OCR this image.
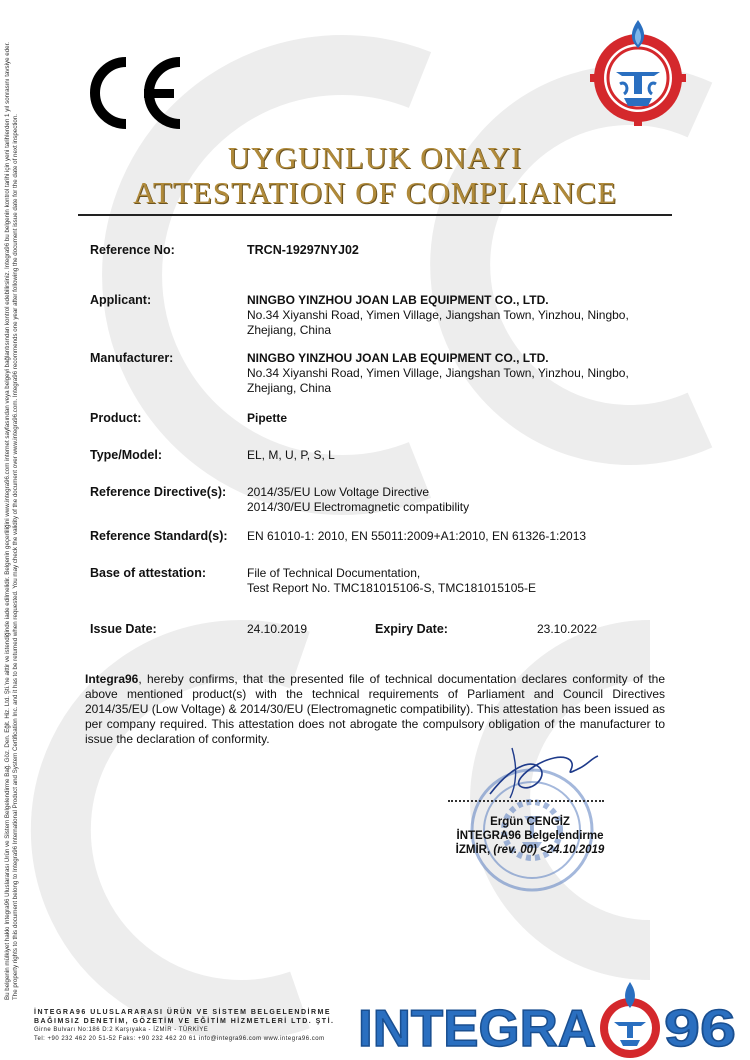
Bu belgenin mülkiyet hakkı İntegra96 Uluslararası Ürün ve Sistem Belgelendirme Bağ. Göz. Den. Eğit. Hiz. Ltd. Şti.'ne aittir ve istendiğinde iade edilmelidir. Belgenin geçerliliğini www.integra96.com internet sayfasından veya belgeyi bağlantısından kontrol edebilirsiniz. İntegra96 bu belgenin kontrol tarihi için yeni tarihlerden 1 yıl sonrasını tavsiye eder. The property rights to this document belong to Integra96 International Product and System Certification Inc. and it has to be returned when requested. You may check the validity of the document over www.integra96.com. Integra96 recommends one year after following the document issue date for the date of next inspection.	UYGUNLUK ONAYI
ATTESTATION OF COMPLIANCE
Reference No:	TRCN-19297NYJ02
Applicant:	NINGBO YINZHOU JOAN LAB EQUIPMENT CO., LTD.
No.34 Xiyanshi Road, Yimen Village, Jiangshan Town, Yinzhou, Ningbo,
Zhejiang, China
Manufacturer:	NINGBO YINZHOU JOAN LAB EQUIPMENT CO., LTD.
No.34 Xiyanshi Road, Yimen Village, Jiangshan Town, Yinzhou, Ningbo,
Zhejiang, China
Product:	Pipette
Type/Model:	EL, M, U, P, S, L
Reference Directive(s): 2014/35/EU Low Voltage Directive
2014/30/EU Electromagnetic compatibility
Reference Standard(s): EN 61010-1: 2010, EN 55011:2009+A1:2010, EN 61326-1:2013
Base of attestation:	File of Technical Documentation,
Test Report No. TMC181015106-S, TMC181015105-E
Issue Date:	24.10.2019	Expiry Date:	23.10.2022
Integra96, hereby confirms, that the presented file of technical documentation declares conformity of the above mentioned product(s) with the technical requirements of Parliament and Council Directives 2014/35/EU (Low Voltage) & 2014/30/EU (Electromagnetic compatibility). This attestation has been issued as per company required. This attestation does not abrogate the compulsory obligation of the manufacturer to issue the declaration of conformity.
Ergün CENGİZ
İNTEGRA96 Belgelendirme
İZMİR, (rev. 00) <24.10.2019
İNTEGRA96 ULUSLARARASI ÜRÜN VE SİSTEM BELGELENDİRME
BAĞIMSIZ DENETİM, GÖZETİM VE EĞİTİM HİZMETLERİ LTD. ŞTİ.
Girne Bulvarı No:186 D:2 Karşıyaka - İZMİR - TÜRKİYE
Tel: +90 232 462 20 51-52 Faks: +90 232 462 20 61 info@integra96.com www.integra96.com INTEGRA 96
